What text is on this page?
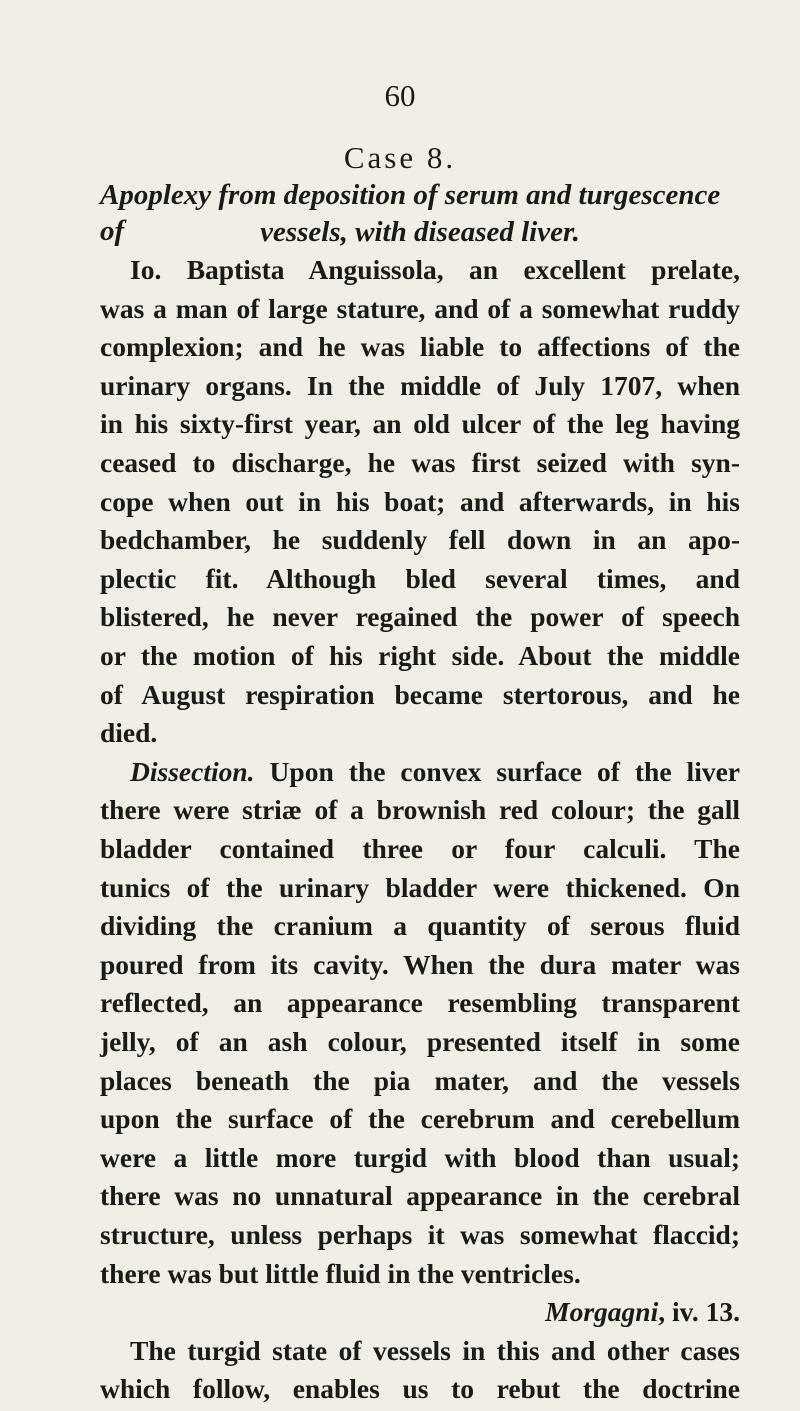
60
Case 8.
Apoplexy from deposition of serum and turgescence of	vessels, with diseased liver.
Io. Baptista Anguissola, an excellent prelate,
was a man of large stature, and of a somewhat ruddy
complexion; and he was liable to affections of the
urinary organs. In the middle of July 1707, when
in his sixty-first year, an old ulcer of the leg having
ceased to discharge, he was first seized with syn-
cope when out in his boat; and afterwards, in his
bedchamber, he suddenly fell down in an apo-
plectic fit. Although bled several times, and
blistered, he never regained the power of speech
or the motion of his right side. About the middle
of August respiration became stertorous, and he
died.
Dissection. Upon the convex surface of the liver
there were striæ of a brownish red colour; the gall
bladder contained three or four calculi. The
tunics of the urinary bladder were thickened. On
dividing the cranium a quantity of serous fluid
poured from its cavity. When the dura mater was
reflected, an appearance resembling transparent
jelly, of an ash colour, presented itself in some
places beneath the pia mater, and the vessels
upon the surface of the cerebrum and cerebellum
were a little more turgid with blood than usual;
there was no unnatural appearance in the cerebral
structure, unless perhaps it was somewhat flaccid;
there was but little fluid in the ventricles.
Morgagni, iv. 13.
The turgid state of vessels in this and other cases
which follow, enables us to rebut the doctrine
